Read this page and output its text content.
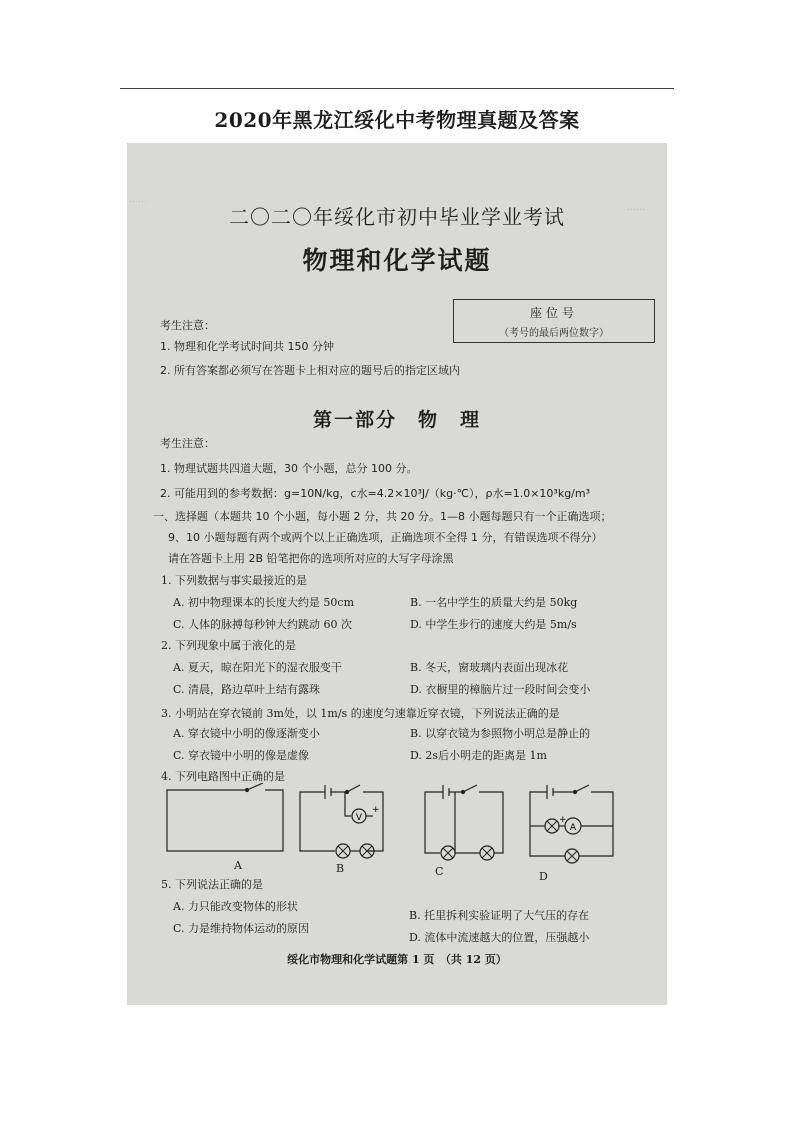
2020年黑龙江绥化中考物理真题及答案
……
……
二〇二〇年绥化市初中毕业学业考试
物理和化学试题
座位号
（考号的最后两位数字）
考生注意：
1. 物理和化学考试时间共 150 分钟
2. 所有答案都必须写在答题卡上相对应的题号后的指定区域内
第一部分　物　理
考生注意：
1. 物理试题共四道大题，30 个小题，总分 100 分。
2. 可能用到的参考数据：g=10N/kg，c水=4.2×10³J/（kg·℃），ρ水=1.0×10³kg/m³
一、选择题（本题共 10 个小题，每小题 2 分，共 20 分。1—8 小题每题只有一个正确选项；
9、10 小题每题有两个或两个以上正确选项，正确选项不全得 1 分，有错误选项不得分）
请在答题卡上用 2B 铅笔把你的选项所对应的大写字母涂黑
1. 下列数据与事实最接近的是
A. 初中物理课本的长度大约是 50cm	B. 一名中学生的质量大约是 50kg
C. 人体的脉搏每秒钟大约跳动 60 次	D. 中学生步行的速度大约是 5m/s
2. 下列现象中属于液化的是
A. 夏天，晾在阳光下的湿衣服变干	B. 冬天，窗玻璃内表面出现冰花
C. 清晨，路边草叶上结有露珠	D. 衣橱里的樟脑片过一段时间会变小
3. 小明站在穿衣镜前 3m处，以 1m/s 的速度匀速靠近穿衣镜，下列说法正确的是
A. 穿衣镜中小明的像逐渐变小	B. 以穿衣镜为参照物小明总是静止的
C. 穿衣镜中小明的像是虚像	D. 2s后小明走的距离是 1m
4. 下列电路图中正确的是
V
A
+
+
A	B	C	D
5. 下列说法正确的是
A. 力只能改变物体的形状
B. 托里拆利实验证明了大气压的存在
C. 力是维持物体运动的原因
D. 流体中流速越大的位置，压强越小
绥化市物理和化学试题第 1 页　（共 12 页）
